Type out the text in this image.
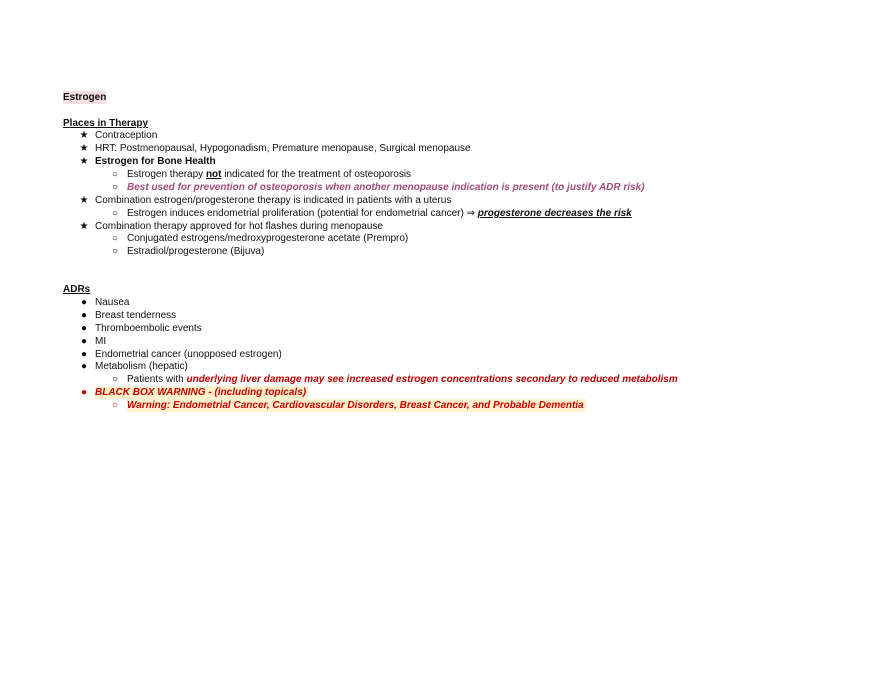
Estrogen
Places in Therapy
★ Contraception
★ HRT: Postmenopausal, Hypogonadism, Premature menopause, Surgical menopause
★ Estrogen for Bone Health
○ Estrogen therapy not indicated for the treatment of osteoporosis
○ Best used for prevention of osteoporosis when another menopause indication is present (to justify ADR risk)
★ Combination estrogen/progesterone therapy is indicated in patients with a uterus
○ Estrogen induces endometrial proliferation (potential for endometrial cancer) ⇒ progesterone decreases the risk
★ Combination therapy approved for hot flashes during menopause
○ Conjugated estrogens/medroxyprogesterone acetate (Prempro)
○ Estradiol/progesterone (Bijuva)
ADRs
● Nausea
● Breast tenderness
● Thromboembolic events
● MI
● Endometrial cancer (unopposed estrogen)
● Metabolism (hepatic)
○ Patients with underlying liver damage may see increased estrogen concentrations secondary to reduced metabolism
● BLACK BOX WARNING - (including topicals)
○ Warning: Endometrial Cancer, Cardiovascular Disorders, Breast Cancer, and Probable Dementia
